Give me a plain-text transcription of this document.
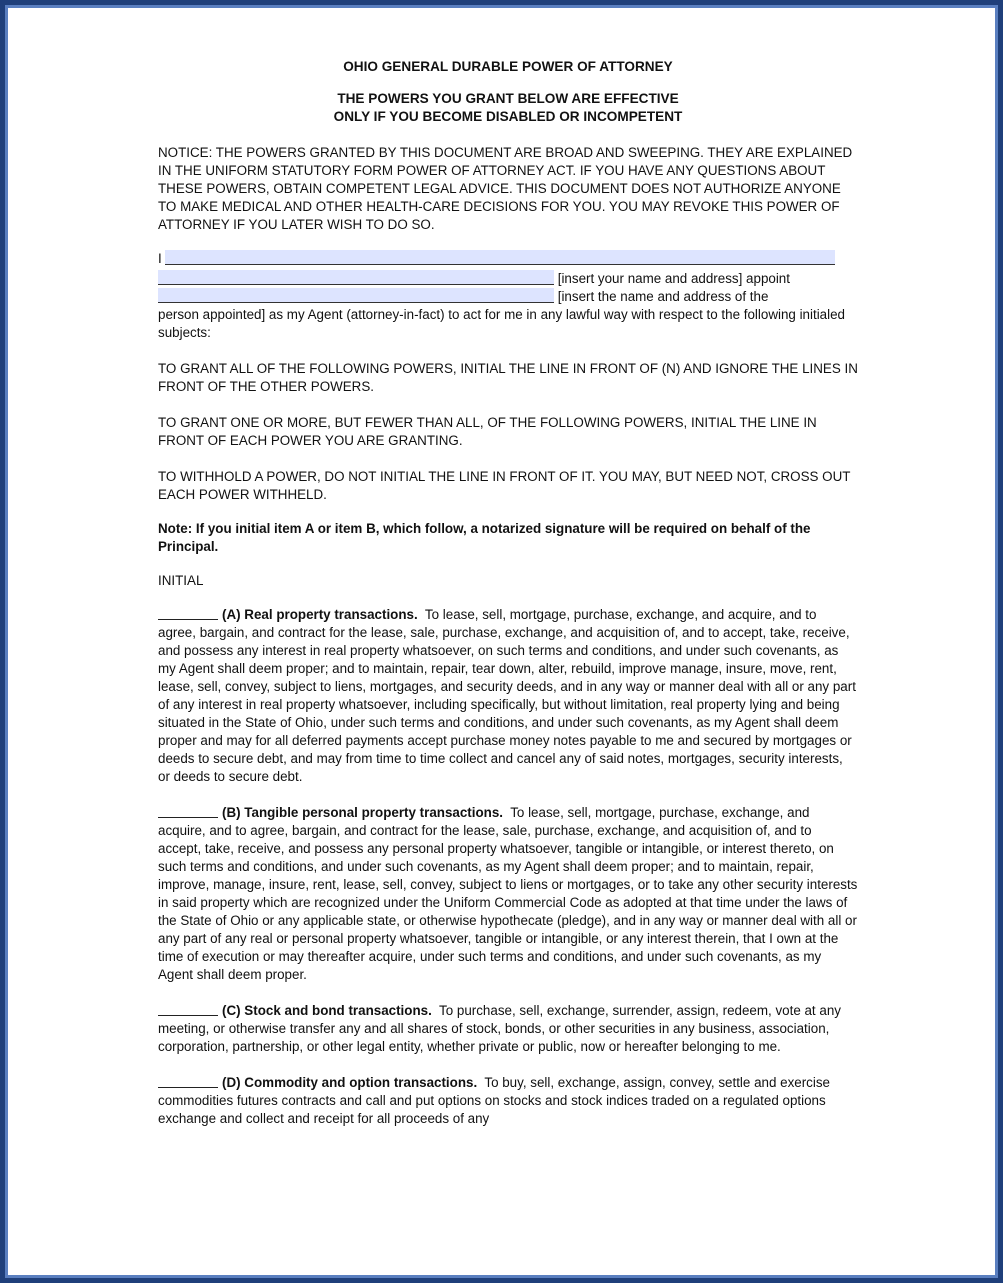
OHIO GENERAL DURABLE POWER OF ATTORNEY
THE POWERS YOU GRANT BELOW ARE EFFECTIVE
ONLY IF YOU BECOME DISABLED OR INCOMPETENT

NOTICE: THE POWERS GRANTED BY THIS DOCUMENT ARE BROAD AND SWEEPING. THEY ARE EXPLAINED IN THE UNIFORM STATUTORY FORM POWER OF ATTORNEY ACT. IF YOU HAVE ANY QUESTIONS ABOUT THESE POWERS, OBTAIN COMPETENT LEGAL ADVICE. THIS DOCUMENT DOES NOT AUTHORIZE ANYONE TO MAKE MEDICAL AND OTHER HEALTH-CARE DECISIONS FOR YOU. YOU MAY REVOKE THIS POWER OF ATTORNEY IF YOU LATER WISH TO DO SO.

I
[insert your name and address] appoint
[insert the name and address of the

person appointed] as my Agent (attorney-in-fact) to act for me in any lawful way with respect to the following initialed subjects:

TO GRANT ALL OF THE FOLLOWING POWERS, INITIAL THE LINE IN FRONT OF (N) AND IGNORE THE LINES IN FRONT OF THE OTHER POWERS.

TO GRANT ONE OR MORE, BUT FEWER THAN ALL, OF THE FOLLOWING POWERS, INITIAL THE LINE IN FRONT OF EACH POWER YOU ARE GRANTING.

TO WITHHOLD A POWER, DO NOT INITIAL THE LINE IN FRONT OF IT. YOU MAY, BUT NEED NOT, CROSS OUT EACH POWER WITHHELD.

Note: If you initial item A or item B, which follow, a notarized signature will be required on behalf of the Principal.

INITIAL

(A) Real property transactions. To lease, sell, mortgage, purchase, exchange, and acquire, and to agree, bargain, and contract for the lease, sale, purchase, exchange, and acquisition of, and to accept, take, receive, and possess any interest in real property whatsoever, on such terms and conditions, and under such covenants, as my Agent shall deem proper; and to maintain, repair, tear down, alter, rebuild, improve manage, insure, move, rent, lease, sell, convey, subject to liens, mortgages, and security deeds, and in any way or manner deal with all or any part of any interest in real property whatsoever, including specifically, but without limitation, real property lying and being situated in the State of Ohio, under such terms and conditions, and under such covenants, as my Agent shall deem proper and may for all deferred payments accept purchase money notes payable to me and secured by mortgages or deeds to secure debt, and may from time to time collect and cancel any of said notes, mortgages, security interests, or deeds to secure debt.

(B) Tangible personal property transactions. To lease, sell, mortgage, purchase, exchange, and acquire, and to agree, bargain, and contract for the lease, sale, purchase, exchange, and acquisition of, and to accept, take, receive, and possess any personal property whatsoever, tangible or intangible, or interest thereto, on such terms and conditions, and under such covenants, as my Agent shall deem proper; and to maintain, repair, improve, manage, insure, rent, lease, sell, convey, subject to liens or mortgages, or to take any other security interests in said property which are recognized under the Uniform Commercial Code as adopted at that time under the laws of the State of Ohio or any applicable state, or otherwise hypothecate (pledge), and in any way or manner deal with all or any part of any real or personal property whatsoever, tangible or intangible, or any interest therein, that I own at the time of execution or may thereafter acquire, under such terms and conditions, and under such covenants, as my Agent shall deem proper.

(C) Stock and bond transactions. To purchase, sell, exchange, surrender, assign, redeem, vote at any meeting, or otherwise transfer any and all shares of stock, bonds, or other securities in any business, association, corporation, partnership, or other legal entity, whether private or public, now or hereafter belonging to me.

(D) Commodity and option transactions. To buy, sell, exchange, assign, convey, settle and exercise commodities futures contracts and call and put options on stocks and stock indices traded on a regulated options exchange and collect and receipt for all proceeds of any
